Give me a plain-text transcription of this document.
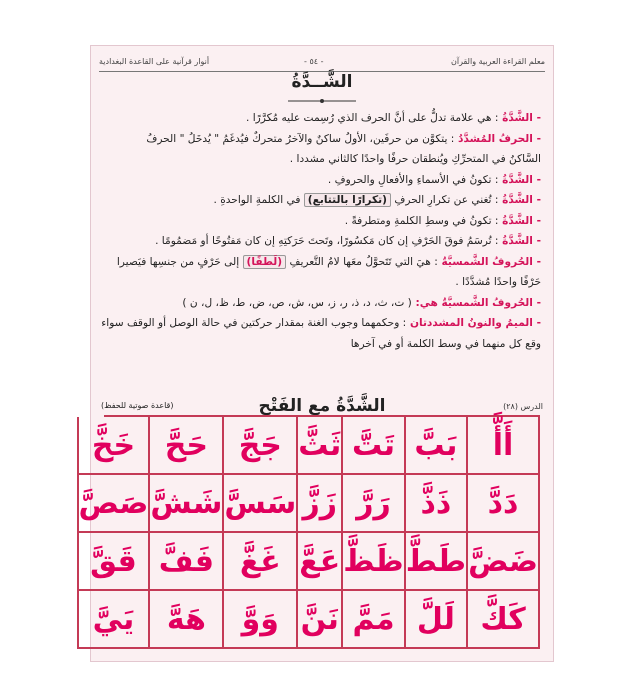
معلم القراءة العربية والقرآن
- ٥٤ -
أنوار قرآنية على القاعدة البغدادية
الشَّــدَّةُ

- الشَّدَّةُ : هي علامة تدلُّ على أنَّ الحرف الذي رُسِمت عليه مُكرَّرًا .

- الحرفُ المُشدَّدُ : يتكوَّن من حرفَين، الأولُ ساكنٌ والآخرُ متحركٌ فيُدغَمُ " يُدخَلُ " الحرفُ

السَّاكنُ في المتحرِّكِ ويُنطقان حرفًا واحدًا كالثاني مشددا .

- الشَّدَّةُ : تكونُ في الأسماءِ والأفعالِ والحروفِ .

- الشَّدَّةُ : تُغني عن تكرارِ الحرفِ (تكرارًا بالتتابع) في الكلمةِ الواحدةِ .

- الشَّدَّةُ : تكونُ في وسطِ الكلمةِ ومتطرفةً .

- الشَّدَّةُ : تُرسَمُ فوقَ الحَرْفِ إن كان مَكسُورًا، وتَحتَ حَرَكتِهِ إن كان مَفتُوحًا أو مَضمُومًا .

- الحُروفُ الشَّمسيَّةُ : هيَ التي تَتَحوَّلُ معَها لامُ التَّعريفِ (لَطفًا) إلى حَرْفٍ من جنسِها فيَصيرا

حَرْفًا واحدًا مُشدَّدًا .

- الحُروفُ الشَّمسيَّةُ هي: ( ت، ث، د، ذ، ر، ز، س، ش، ص، ض، ط، ظ، ل، ن )

- الميمُ والنونُ المشددتان : وحكمهما وجوب الغنة بمقدار حركتين في حالة الوصل أو الوقف سواء

وقع كل منهما في وسط الكلمة أو في آخرها

الدرس (٢٨)
الشَّدَّةُ مع الفَتْح
(قاعدة صوتية للحفظ)
أَأَّ
بَبَّ
تَتَّ
ثَثَّ
جَجَّ
حَحَّ
خَخَّ
دَدَّ
ذَذَّ
رَرَّ
زَزَّ
سَسَّ
شَشَّ
صَصَّ
ضَضَّ
طَطَّ
ظَظَّ
عَعَّ
غَغَّ
فَفَّ
قَقَّ
كَكَّ
لَلَّ
مَمَّ
نَنَّ
وَوَّ
هَهَّ
يَيَّ
